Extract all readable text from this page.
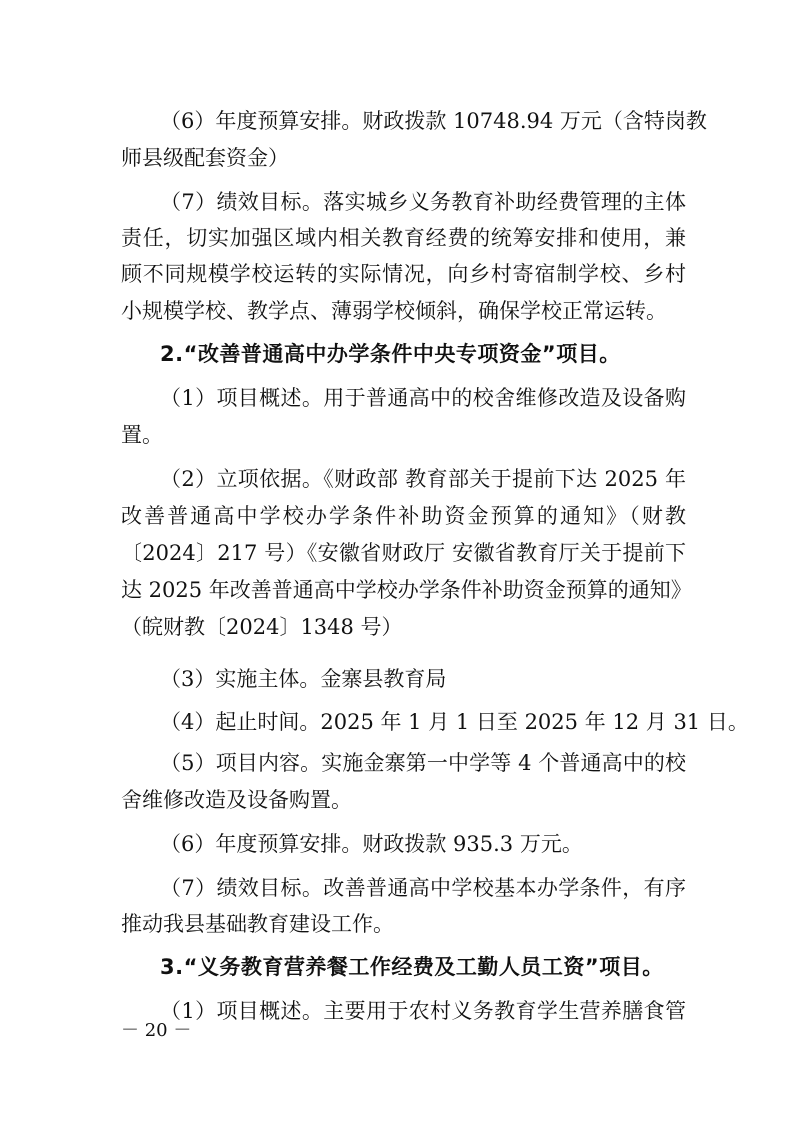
（6）年度预算安排。财政拨款 10748.94 万元（含特岗教
师县级配套资金）
（7）绩效目标。落实城乡义务教育补助经费管理的主体
责任，切实加强区域内相关教育经费的统筹安排和使用，兼
顾不同规模学校运转的实际情况，向乡村寄宿制学校、乡村
小规模学校、教学点、薄弱学校倾斜，确保学校正常运转。
2.“改善普通高中办学条件中央专项资金”项目。
（1）项目概述。用于普通高中的校舍维修改造及设备购
置。
（2）立项依据。《财政部 教育部关于提前下达 2025 年
改善普通高中学校办学条件补助资金预算的通知》（财教
〔2024〕217 号）《安徽省财政厅 安徽省教育厅关于提前下
达 2025 年改善普通高中学校办学条件补助资金预算的通知》
（皖财教〔2024〕1348 号）
（3）实施主体。金寨县教育局
（4）起止时间。2025 年 1 月 1 日至 2025 年 12 月 31 日。
（5）项目内容。实施金寨第一中学等 4 个普通高中的校
舍维修改造及设备购置。
（6）年度预算安排。财政拨款 935.3 万元。
（7）绩效目标。改善普通高中学校基本办学条件，有序
推动我县基础教育建设工作。
3.“义务教育营养餐工作经费及工勤人员工资”项目。
（1）项目概述。主要用于农村义务教育学生营养膳食管
－ 20 －
